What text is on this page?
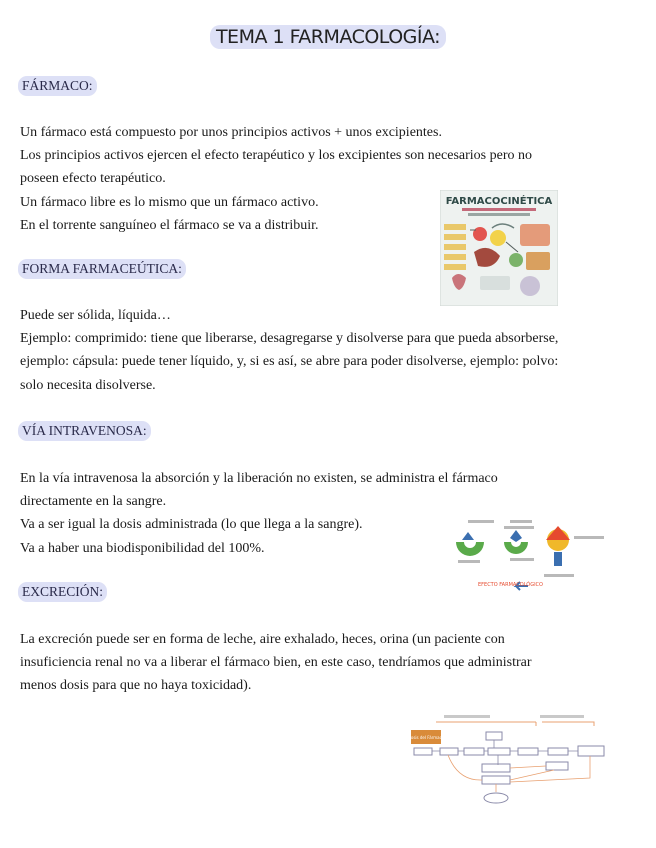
TEMA 1 FARMACOLOGÍA:
FÁRMACO:

Un fármaco está compuesto por unos principios activos + unos excipientes.

Los principios activos ejercen el efecto terapéutico y los excipientes son necesarios pero no

poseen efecto terapéutico.

Un fármaco libre es lo mismo que un fármaco activo.

En el torrente sanguíneo el fármaco se va a distribuir.

FARMACOCINÉTICA
FORMA FARMACEÚTICA:

Puede ser sólida, líquida…

Ejemplo: comprimido: tiene que liberarse, desagregarse y disolverse para que pueda absorberse,

ejemplo: cápsula: puede tener líquido, y, si es así, se abre para poder disolverse, ejemplo: polvo:

solo necesita disolverse.

VÍA INTRAVENOSA:

En la vía intravenosa la absorción y la liberación no existen, se administra el fármaco

directamente en la sangre.

Va a ser igual la dosis administrada (lo que llega a la sangre).

Va a haber una biodisponibilidad del 100%.

EFECTO FARMACOLÓGICO
EXCRECIÓN:

La excreción puede ser en forma de leche, aire exhalado, heces, orina (un paciente con

insuficiencia renal no va a liberar el fármaco bien, en este caso, tendríamos que administrar

menos dosis para que no haya toxicidad).

Dosis del Fármaco
